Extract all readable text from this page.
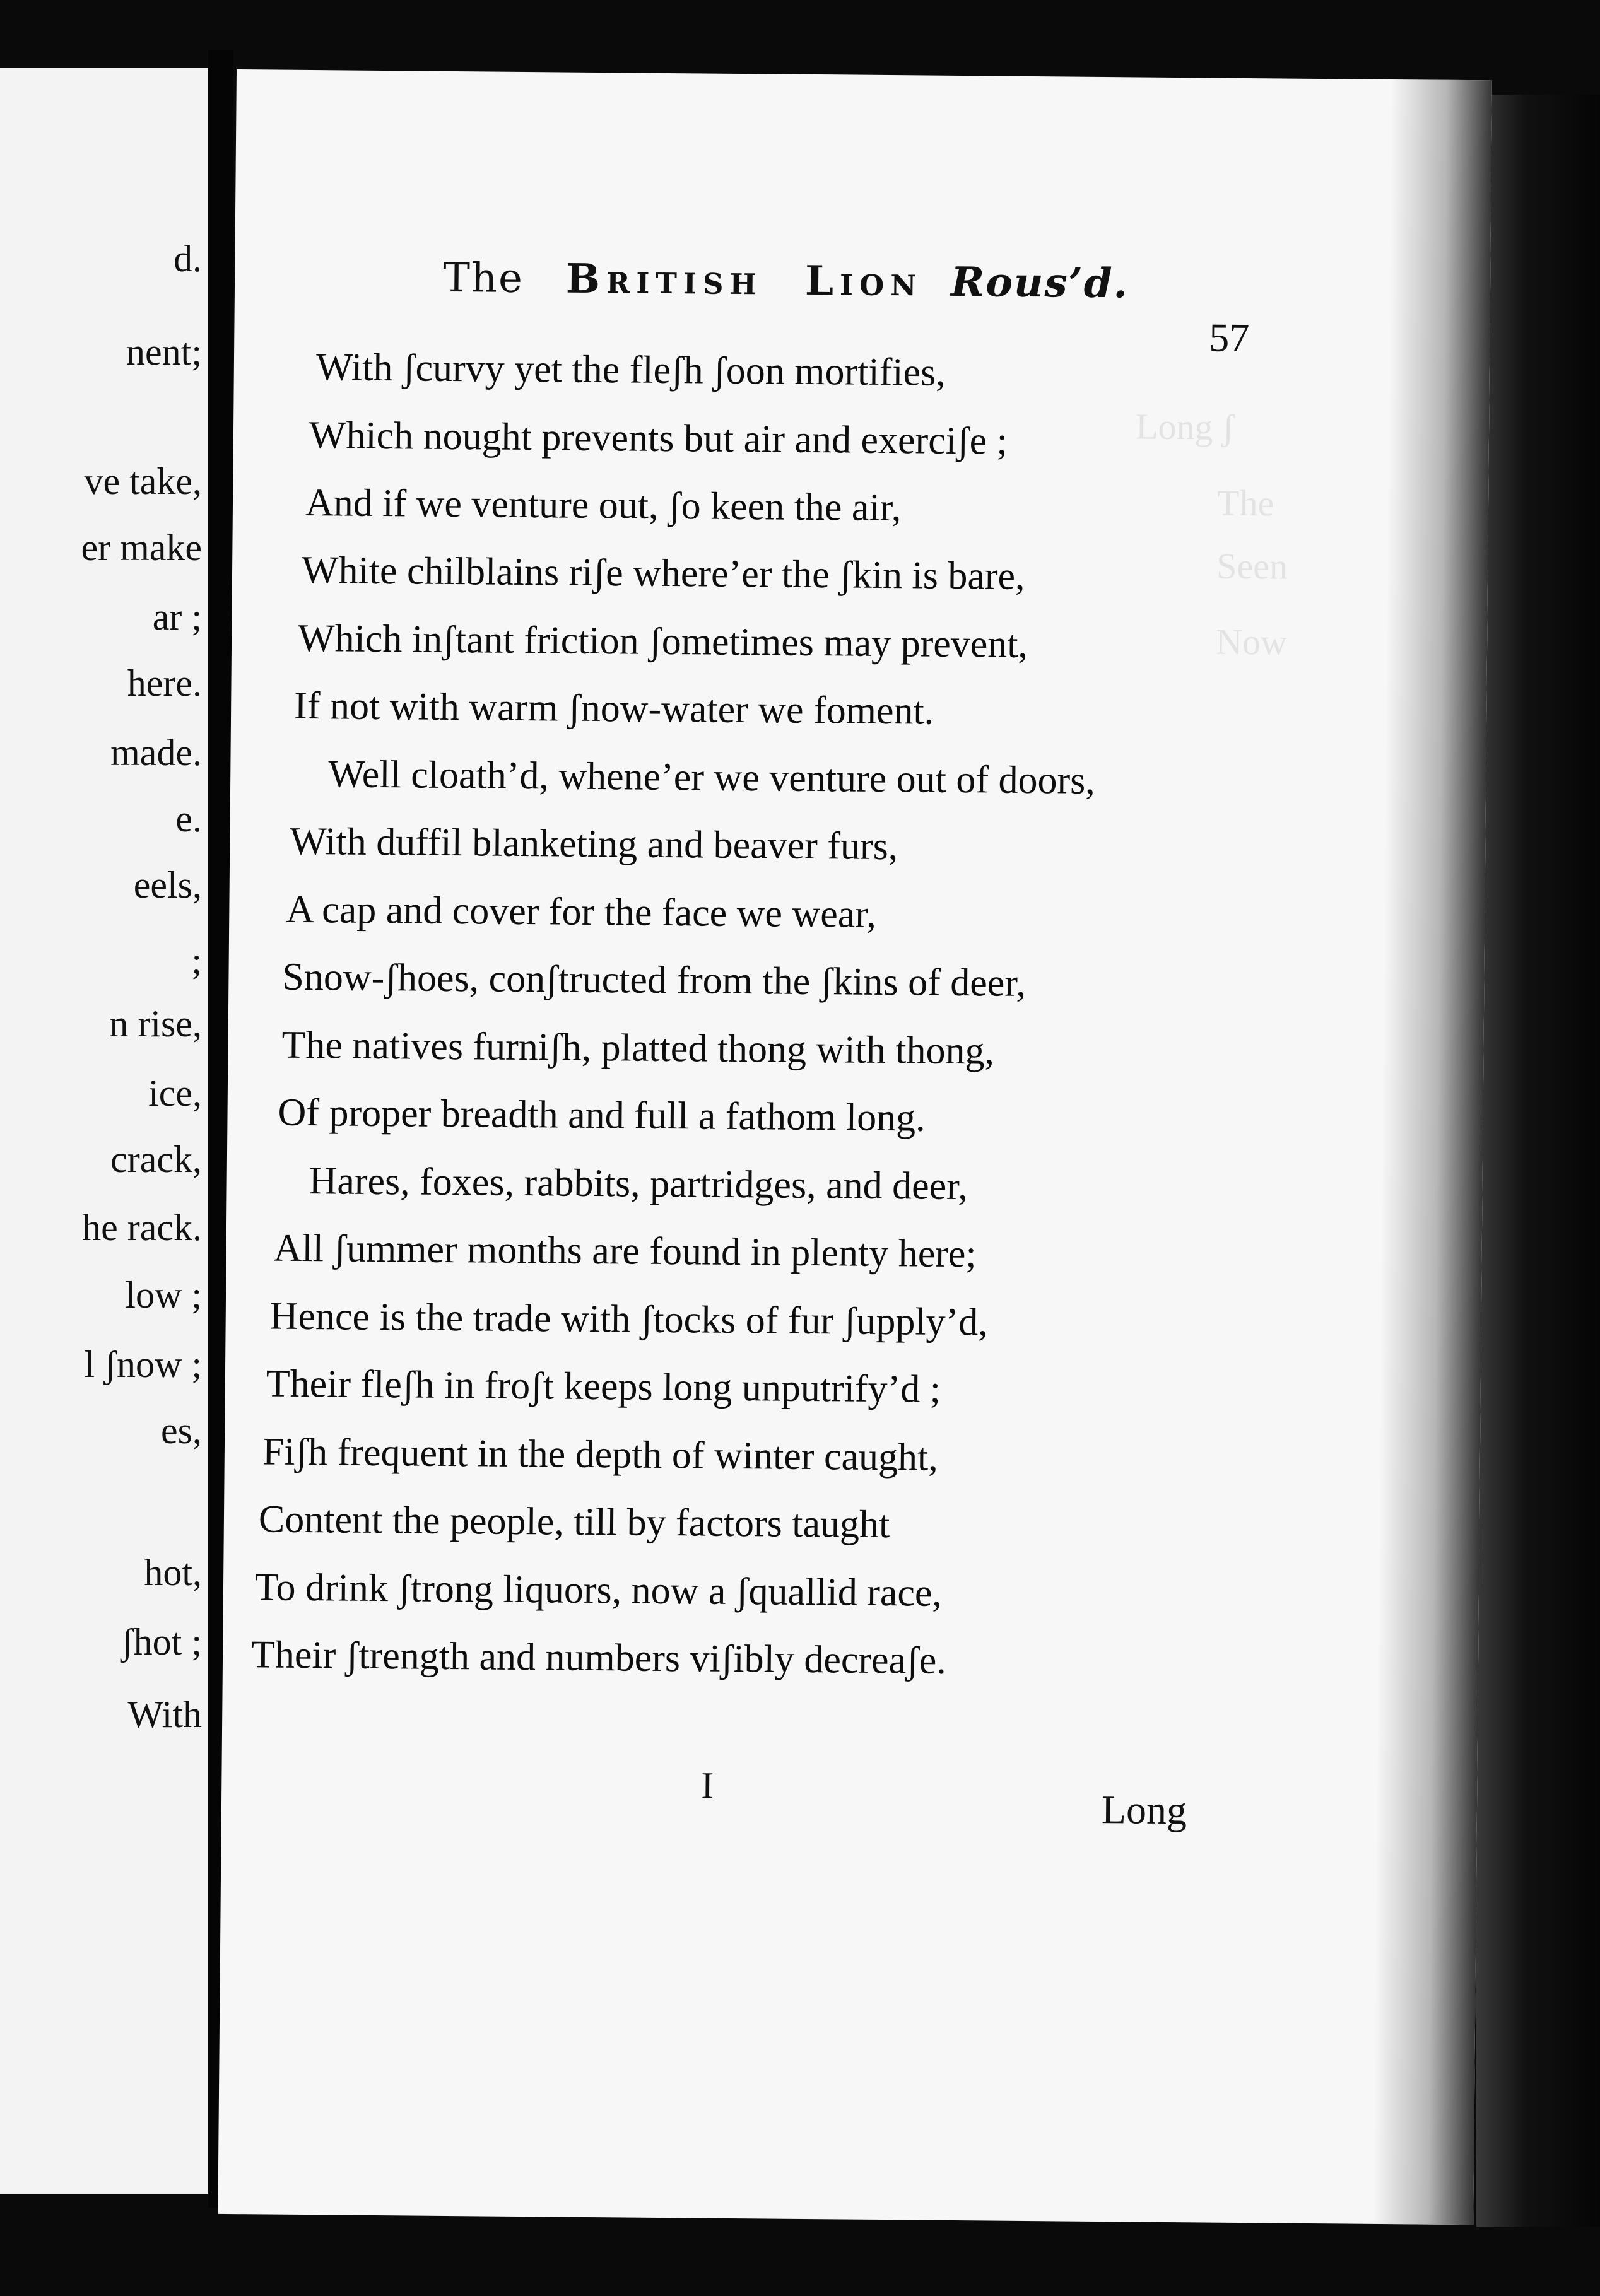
d.

nent;

ve take,

er make

ar ;

here.

made.

e.

eels,

;

n rise,

ice,

crack,

he rack.

low ;

l ʃnow ;

es,

hot,

ʃhot ;

With

Long ʃ
The
Seen
Now
The British Lion Rous’d.
57

With ʃcurvy yet the fleʃh ʃoon mortifies,

Which nought prevents but air and exerciʃe ;

And if we venture out, ʃo keen the air,

White chilblains riʃe where’er the ʃkin is bare,

Which inʃtant friction ʃometimes may prevent,

If not with warm ʃnow-water we foment.

Well cloath’d, whene’er we venture out of doors,

With duffil blanketing and beaver furs,

A cap and cover for the face we wear,

Snow-ʃhoes, conʃtructed from the ʃkins of deer,

The natives furniʃh, platted thong with thong,

Of proper breadth and full a fathom long.

Hares, foxes, rabbits, partridges, and deer,

All ʃummer months are found in plenty here;

Hence is the trade with ʃtocks of fur ʃupply’d,

Their fleʃh in froʃt keeps long unputrify’d ;

Fiʃh frequent in the depth of winter caught,

Content the people, till by factors taught

To drink ʃtrong liquors, now a ʃquallid race,

Their ʃtrength and numbers viʃibly decreaʃe.

I
Long
